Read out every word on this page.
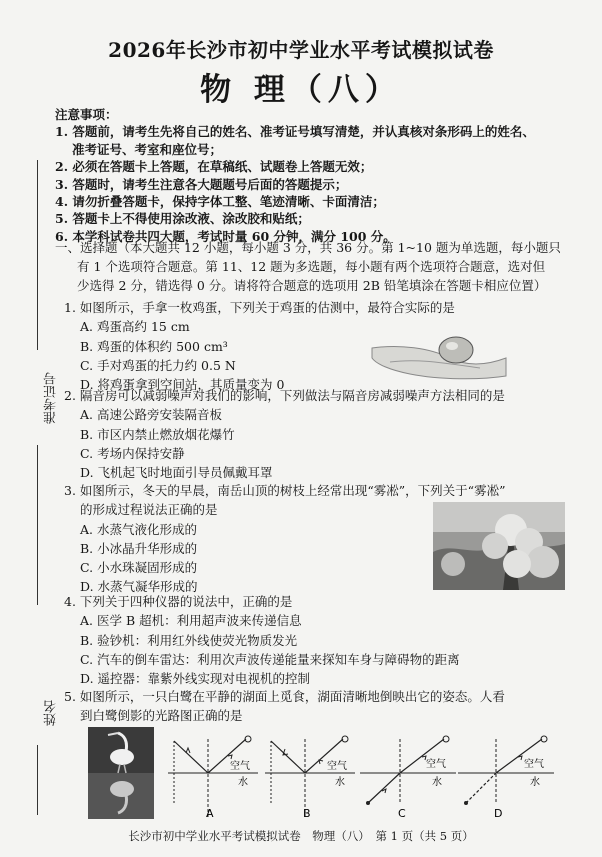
2026年长沙市初中学业水平考试模拟试卷
物 理（八）
准考证号
姓名
注意事项：

1. 答题前，请考生先将自己的姓名、准考证号填写清楚，并认真核对条形码上的姓名、

准考证号、考室和座位号；

2. 必须在答题卡上答题，在草稿纸、试题卷上答题无效；

3. 答题时，请考生注意各大题题号后面的答题提示；

4. 请勿折叠答题卡，保持字体工整、笔迹清晰、卡面清洁；

5. 答题卡上不得使用涂改液、涂改胶和贴纸；

6. 本学科试卷共四大题，考试时量 60 分钟，满分 100 分。

一、选择题（本大题共 12 小题，每小题 3 分，共 36 分。第 1~10 题为单选题，每小题只
有 1 个选项符合题意。第 11、12 题为多选题，每小题有两个选项符合题意，选对但
少选得 2 分，错选得 0 分。请将符合题意的选项用 2B 铅笔填涂在答题卡相应位置）
1. 如图所示，手拿一枚鸡蛋，下列关于鸡蛋的估测中，最符合实际的是
A. 鸡蛋高约 15 cm
B. 鸡蛋的体积约 500 cm³
C. 手对鸡蛋的托力约 0.5 N
D. 将鸡蛋拿到空间站，其质量变为 0
2. 隔音房可以减弱噪声对我们的影响，下列做法与隔音房减弱噪声方法相同的是
A. 高速公路旁安装隔音板
B. 市区内禁止燃放烟花爆竹
C. 考场内保持安静
D. 飞机起飞时地面引导员佩戴耳罩
3. 如图所示，冬天的早晨，南岳山顶的树枝上经常出现“雾凇”，下列关于“雾凇”
的形成过程说法正确的是
A. 水蒸气液化形成的
B. 小冰晶升华形成的
C. 小水珠凝固形成的
D. 水蒸气凝华形成的
4. 下列关于四种仪器的说法中，正确的是
A. 医学 B 超机：利用超声波来传递信息
B. 验钞机：利用红外线使荧光物质发光
C. 汽车的倒车雷达：利用次声波传递能量来探知车身与障碍物的距离
D. 遥控器：靠紫外线实现对电视机的控制
5. 如图所示，一只白鹭在平静的湖面上觅食，湖面清晰地倒映出它的姿态。人看
到白鹭倒影的光路图正确的是
空气
水
A
空气
水
B
空气
水
C
空气
水
D
长沙市初中学业水平考试模拟试卷　物理（八）　第 1 页（共 5 页）
